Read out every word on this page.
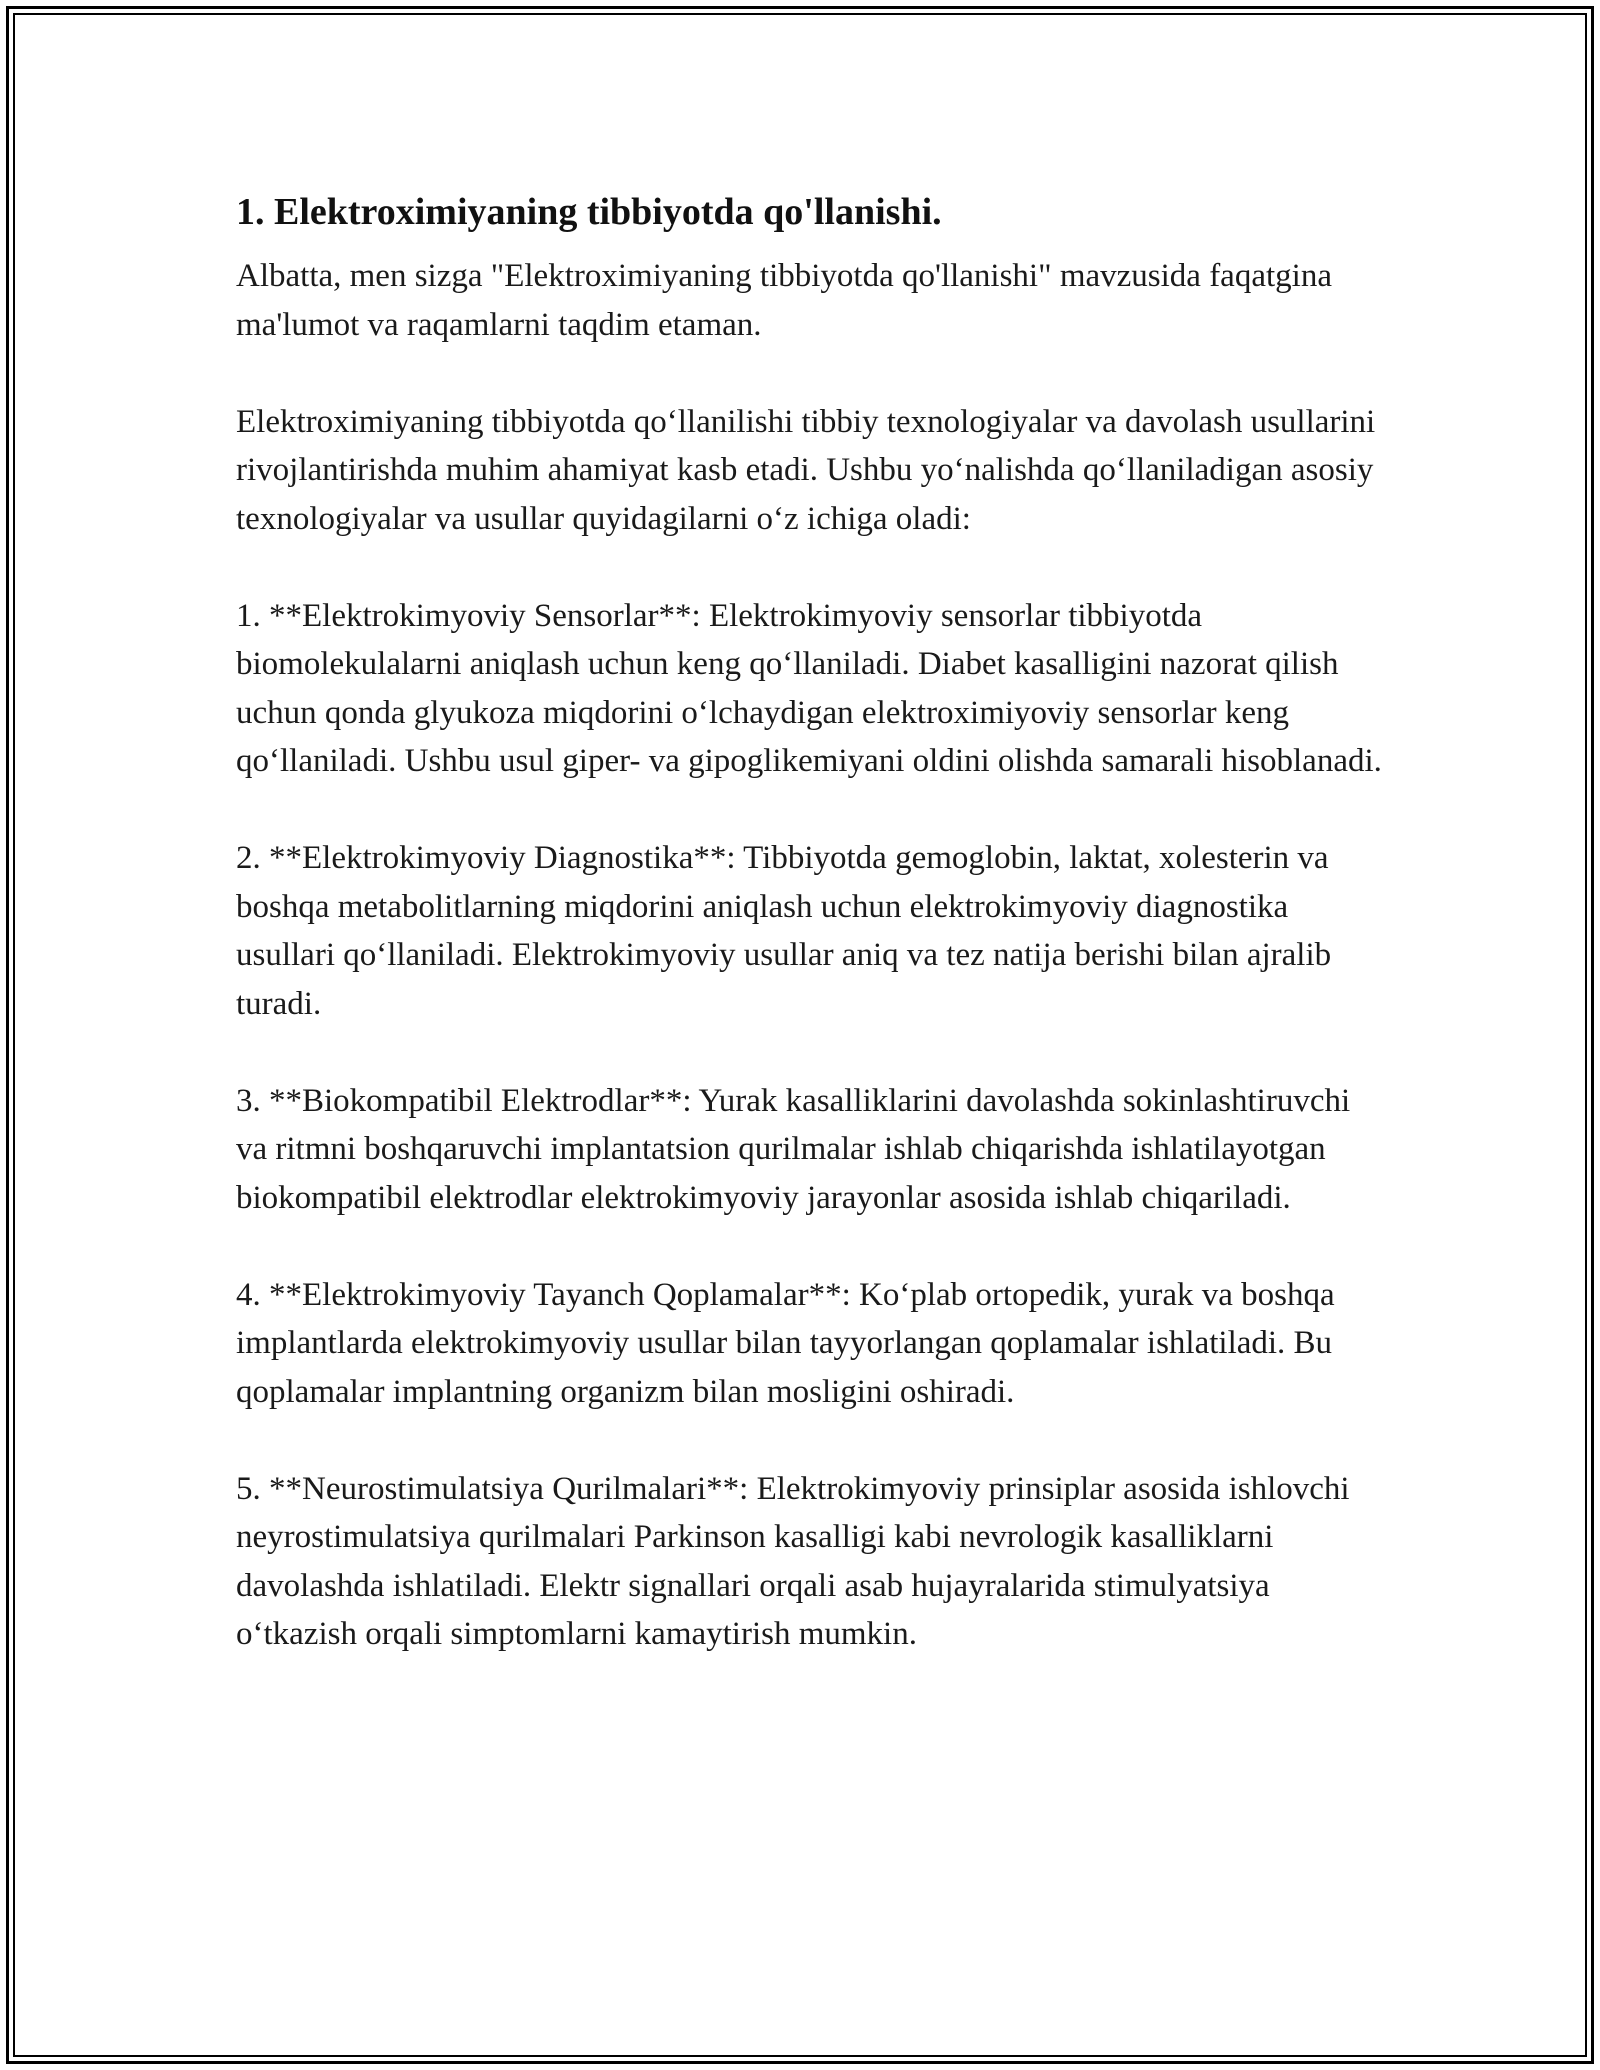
1. Elektroximiyaning tibbiyotda qo'llanishi.

Albatta, men sizga "Elektroximiyaning tibbiyotda qo'llanishi" mavzusida faqatgina ma'lumot va raqamlarni taqdim etaman.

Elektroximiyaning tibbiyotda qo‘llanilishi tibbiy texnologiyalar va davolash usullarini rivojlantirishda muhim ahamiyat kasb etadi. Ushbu yo‘nalishda qo‘llaniladigan asosiy texnologiyalar va usullar quyidagilarni o‘z ichiga oladi:

1. **Elektrokimyoviy Sensorlar**: Elektrokimyoviy sensorlar tibbiyotda biomolekulalarni aniqlash uchun keng qo‘llaniladi. Diabet kasalligini nazorat qilish uchun qonda glyukoza miqdorini o‘lchaydigan elektroximiyoviy sensorlar keng qo‘llaniladi. Ushbu usul giper- va gipoglikemiyani oldini olishda samarali hisoblanadi.

2. **Elektrokimyoviy Diagnostika**: Tibbiyotda gemoglobin, laktat, xolesterin va boshqa metabolitlarning miqdorini aniqlash uchun elektrokimyoviy diagnostika usullari qo‘llaniladi. Elektrokimyoviy usullar aniq va tez natija berishi bilan ajralib turadi.

3. **Biokompatibil Elektrodlar**: Yurak kasalliklarini davolashda sokinlashtiruvchi va ritmni boshqaruvchi implantatsion qurilmalar ishlab chiqarishda ishlatilayotgan biokompatibil elektrodlar elektrokimyoviy jarayonlar asosida ishlab chiqariladi.

4. **Elektrokimyoviy Tayanch Qoplamalar**: Ko‘plab ortopedik, yurak va boshqa implantlarda elektrokimyoviy usullar bilan tayyorlangan qoplamalar ishlatiladi. Bu qoplamalar implantning organizm bilan mosligini oshiradi.

5. **Neurostimulatsiya Qurilmalari**: Elektrokimyoviy prinsiplar asosida ishlovchi neyrostimulatsiya qurilmalari Parkinson kasalligi kabi nevrologik kasalliklarni davolashda ishlatiladi. Elektr signallari orqali asab hujayralarida stimulyatsiya o‘tkazish orqali simptomlarni kamaytirish mumkin.
